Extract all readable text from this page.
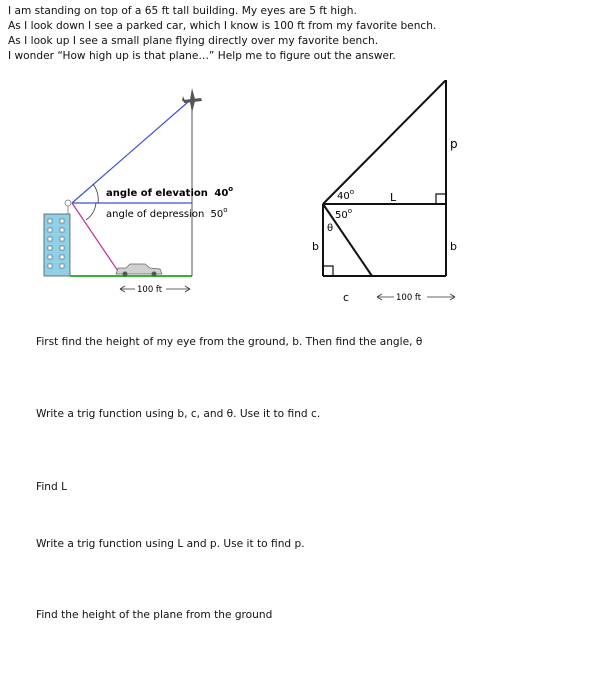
I am standing on top of a 65 ft tall building. My eyes are 5 ft high.

As I look down I see a parked car, which I know is 100 ft from my favorite bench.

As I look up I see a small plane flying directly over my favorite bench.

I wonder “How high up is that plane…” Help me to figure out the answer.

angle of elevation 40$^o$
angle of depression 50$^o$
100 ft
40$^o$
50$^o$
θ
L
p
b	b
c	100 ft

First find the height of my eye from the ground, b. Then find the angle, θ

Write a trig function using b, c, and θ. Use it to find c.

Find L

Write a trig function using L and p. Use it to find p.

Find the height of the plane from the ground
